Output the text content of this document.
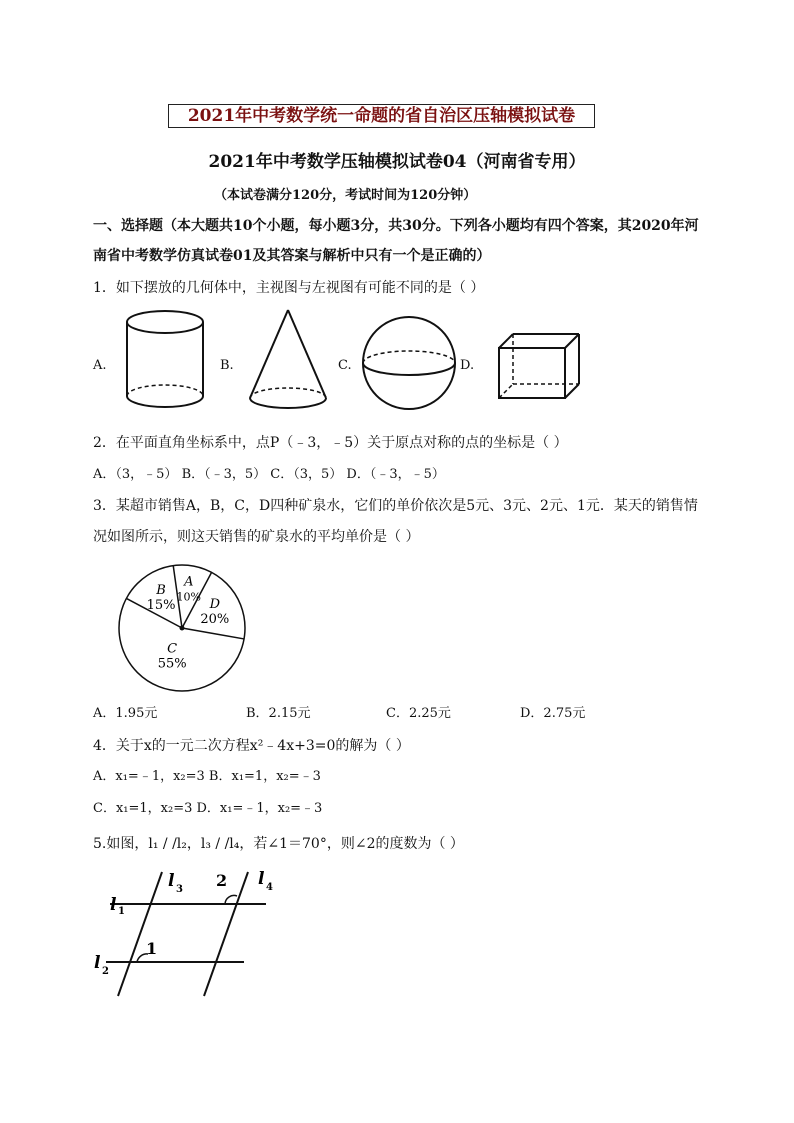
2021年中考数学统一命题的省自治区压轴模拟试卷
2021年中考数学压轴模拟试卷04（河南省专用）
（本试卷满分120分，考试时间为120分钟）
一、选择题（本大题共10个小题，每小题3分，共30分。下列各小题均有四个答案，其2020年河
南省中考数学仿真试卷01及其答案与解析中只有一个是正确的）
1．如下摆放的几何体中，主视图与左视图有可能不同的是（ ）
A.	B.	C.	D.
2．在平面直角坐标系中，点P（﹣3，﹣5）关于原点对称的点的坐标是（ ）
A．（3，﹣5） B．（﹣3，5） C．（3，5） D．（﹣3，﹣5）
3．某超市销售A，B，C，D四种矿泉水，它们的单价依次是5元、3元、2元、1元．某天的销售情
况如图所示，则这天销售的矿泉水的平均单价是（ ）
A
10% D
20%
C
55%
B
15%
A．1.95元	B．2.15元	C．2.25元	D．2.75元
4．关于x的一元二次方程x²﹣4x+3=0的解为（ ）
A．x₁=﹣1，x₂=3 B．x₁=1，x₂=﹣3
C．x₁=1，x₂=3 D．x₁=﹣1，x₂=﹣3
5.如图，l₁ / /l₂，l₃ / /l₄，若∠1＝70°，则∠2的度数为（ ）
l 1
l 2
l 3
l 4
1
2
